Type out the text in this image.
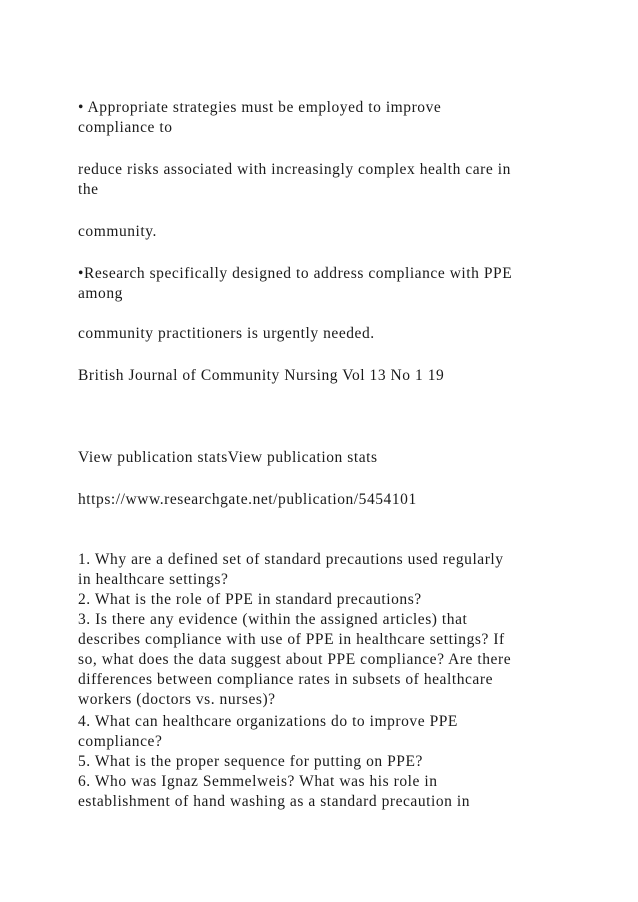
• Appropriate strategies must be employed to improve
compliance to
reduce risks associated with increasingly complex health care in
the
community.
•Research specifically designed to address compliance with PPE
among
community practitioners is urgently needed.
British Journal of Community Nursing Vol 13 No 1 19
View publication statsView publication stats
https://www.researchgate.net/publication/5454101
1. Why are a defined set of standard precautions used regularly
in healthcare settings?
2. What is the role of PPE in standard precautions?
3. Is there any evidence (within the assigned articles) that
describes compliance with use of PPE in healthcare settings? If
so, what does the data suggest about PPE compliance? Are there
differences between compliance rates in subsets of healthcare
workers (doctors vs. nurses)?
4. What can healthcare organizations do to improve PPE
compliance?
5. What is the proper sequence for putting on PPE?
6. Who was Ignaz Semmelweis? What was his role in
establishment of hand washing as a standard precaution in
